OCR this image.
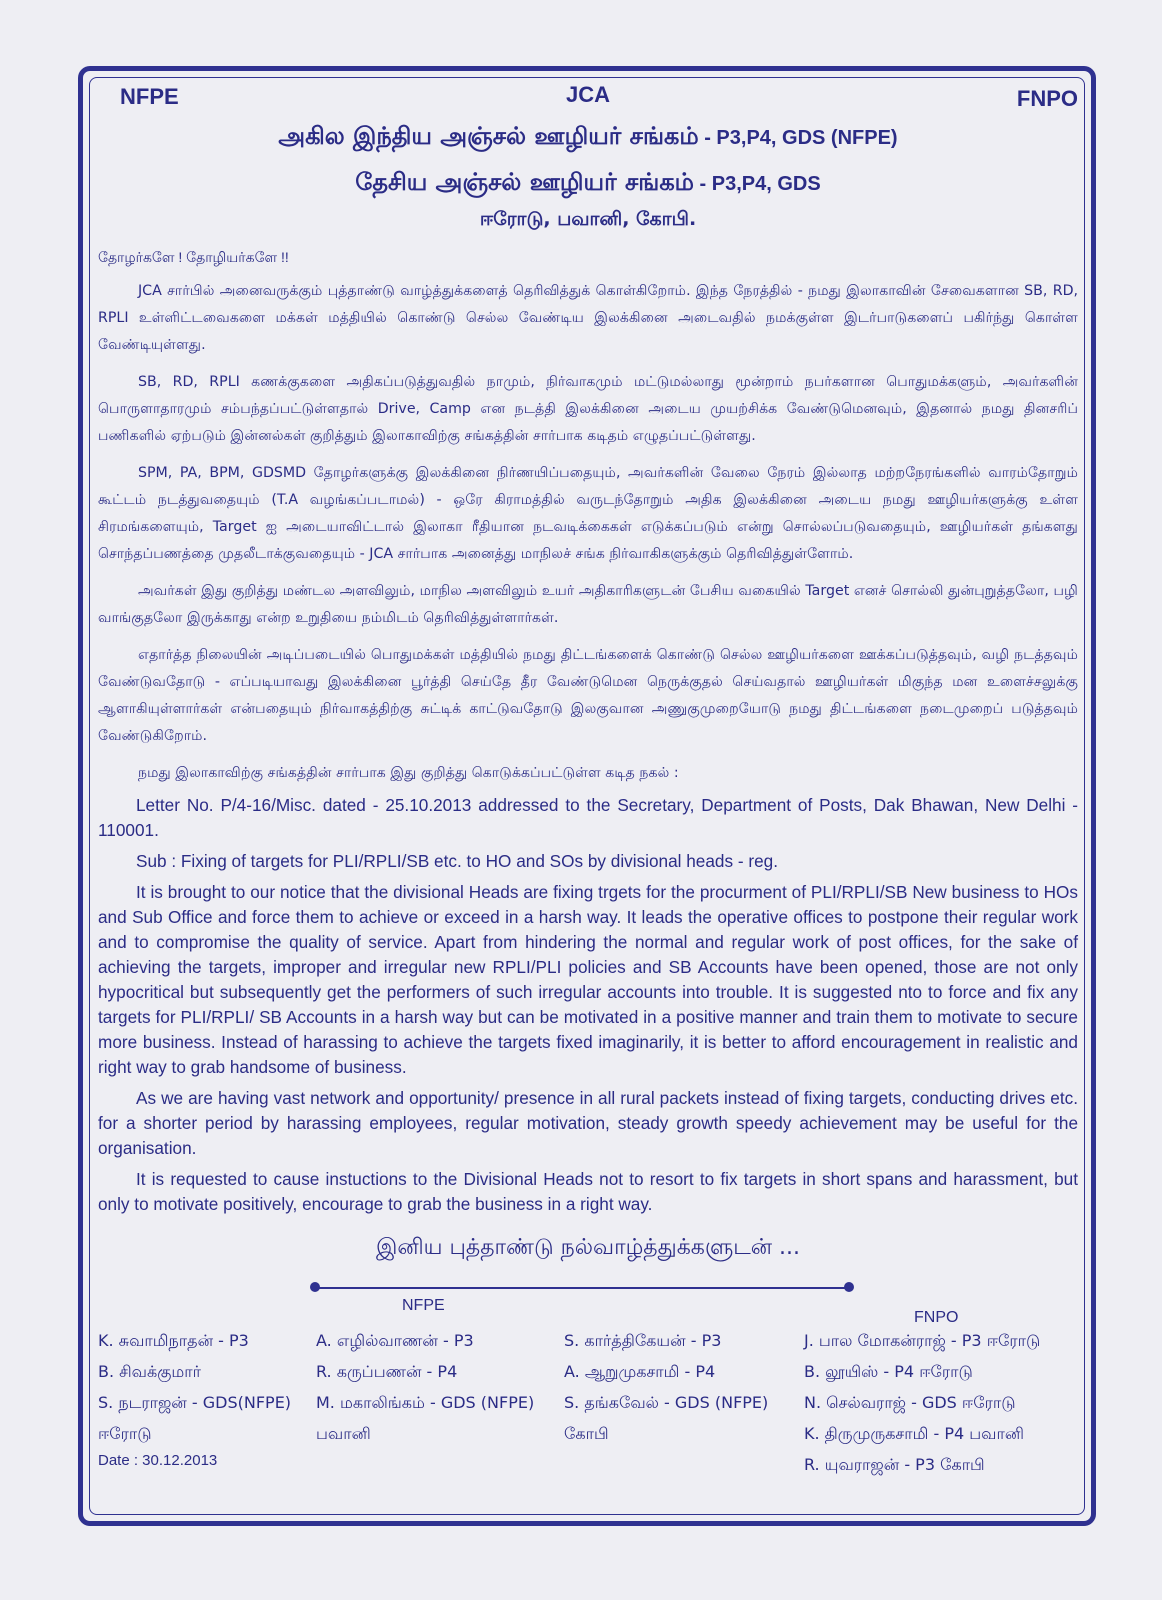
NFPE	JCA	FNPO
அகில இந்திய அஞ்சல் ஊழியர் சங்கம் - P3,P4, GDS (NFPE)
தேசிய அஞ்சல் ஊழியர் சங்கம் - P3,P4, GDS
ஈரோடு, பவானி, கோபி.
தோழர்களே ! தோழியர்களே !!

JCA சார்பில் அனைவருக்கும் புத்தாண்டு வாழ்த்துக்களைத் தெரிவித்துக் கொள்கிறோம். இந்த நேரத்தில் - நமது இலாகாவின் சேவைகளான SB, RD, RPLI உள்ளிட்டவைகளை மக்கள் மத்தியில் கொண்டு செல்ல வேண்டிய இலக்கினை அடைவதில் நமக்குள்ள இடர்பாடுகளைப் பகிர்ந்து கொள்ள வேண்டியுள்ளது.

SB, RD, RPLI கணக்குகளை அதிகப்படுத்துவதில் நாமும், நிர்வாகமும் மட்டுமல்லாது மூன்றாம் நபர்களான பொதுமக்களும், அவர்களின் பொருளாதாரமும் சம்பந்தப்பட்டுள்ளதால் Drive, Camp என நடத்தி இலக்கினை அடைய முயற்சிக்க வேண்டுமெனவும், இதனால் நமது தினசரிப் பணிகளில் ஏற்படும் இன்னல்கள் குறித்தும் இலாகாவிற்கு சங்கத்தின் சார்பாக கடிதம் எழுதப்பட்டுள்ளது.

SPM, PA, BPM, GDSMD தோழர்களுக்கு இலக்கினை நிர்ணயிப்பதையும், அவர்களின் வேலை நேரம் இல்லாத மற்றநேரங்களில் வாரம்தோறும் கூட்டம் நடத்துவதையும் (T.A வழங்கப்படாமல்) - ஒரே கிராமத்தில் வருடந்தோறும் அதிக இலக்கினை அடைய நமது ஊழியர்களுக்கு உள்ள சிரமங்களையும், Target ஐ அடையாவிட்டால் இலாகா ரீதியான நடவடிக்கைகள் எடுக்கப்படும் என்று சொல்லப்படுவதையும், ஊழியர்கள் தங்களது சொந்தப்பணத்தை முதலீடாக்குவதையும் - JCA சார்பாக அனைத்து மாநிலச் சங்க நிர்வாகிகளுக்கும் தெரிவித்துள்ளோம்.

அவர்கள் இது குறித்து மண்டல அளவிலும், மாநில அளவிலும் உயர் அதிகாரிகளுடன் பேசிய வகையில் Target எனச் சொல்லி துன்புறுத்தலோ, பழி வாங்குதலோ இருக்காது என்ற உறுதியை நம்மிடம் தெரிவித்துள்ளார்கள்.

எதார்த்த நிலையின் அடிப்படையில் பொதுமக்கள் மத்தியில் நமது திட்டங்களைக் கொண்டு செல்ல ஊழியர்களை ஊக்கப்படுத்தவும், வழி நடத்தவும் வேண்டுவதோடு - எப்படியாவது இலக்கினை பூர்த்தி செய்தே தீர வேண்டுமென நெருக்குதல் செய்வதால் ஊழியர்கள் மிகுந்த மன உளைச்சலுக்கு ஆளாகியுள்ளார்கள் என்பதையும் நிர்வாகத்திற்கு சுட்டிக் காட்டுவதோடு இலகுவான அணுகுமுறையோடு நமது திட்டங்களை நடைமுறைப் படுத்தவும் வேண்டுகிறோம்.

நமது இலாகாவிற்கு சங்கத்தின் சார்பாக இது குறித்து கொடுக்கப்பட்டுள்ள கடித நகல் :

Letter No. P/4-16/Misc. dated - 25.10.2013 addressed to the Secretary, Department of Posts, Dak Bhawan, New Delhi - 110001.

Sub : Fixing of targets for PLI/RPLI/SB etc. to HO and SOs by divisional heads - reg.

It is brought to our notice that the divisional Heads are fixing trgets for the procurment of PLI/RPLI/SB New business to HOs and Sub Office and force them to achieve or exceed in a harsh way. It leads the operative offices to postpone their regular work and to compromise the quality of service. Apart from hindering the normal and regular work of post offices, for the sake of achieving the targets, improper and irregular new RPLI/PLI policies and SB Accounts have been opened, those are not only hypocritical but subsequently get the performers of such irregular accounts into trouble. It is suggested nto to force and fix any targets for PLI/RPLI/ SB Accounts in a harsh way but can be motivated in a positive manner and train them to motivate to secure more business. Instead of harassing to achieve the targets fixed imaginarily, it is better to afford encouragement in realistic and right way to grab handsome of business.

As we are having vast network and opportunity/ presence in all rural packets instead of fixing targets, conducting drives etc. for a shorter period by harassing employees, regular motivation, steady growth speedy achievement may be useful for the organisation.

It is requested to cause instuctions to the Divisional Heads not to resort to fix targets in short spans and harassment, but only to motivate positively, encourage to grab the business in a right way.

இனிய புத்தாண்டு நல்வாழ்த்துக்களுடன் ...
NFPE
FNPO
K. சுவாமிநாதன் - P3
B. சிவக்குமார்
S. நடராஜன் - GDS(NFPE)
ஈரோடு
A. எழில்வாணன் - P3
R. கருப்பணன் - P4
M. மகாலிங்கம் - GDS (NFPE)
பவானி
S. கார்த்திகேயன் - P3
A. ஆறுமுகசாமி - P4
S. தங்கவேல் - GDS (NFPE)
கோபி
J. பால மோகன்ராஜ் - P3 ஈரோடு
B. லூயிஸ் - P4 ஈரோடு
N. செல்வராஜ் - GDS ஈரோடு
K. திருமுருகசாமி - P4 பவானி
R. யுவராஜன் - P3 கோபி
Date : 30.12.2013
